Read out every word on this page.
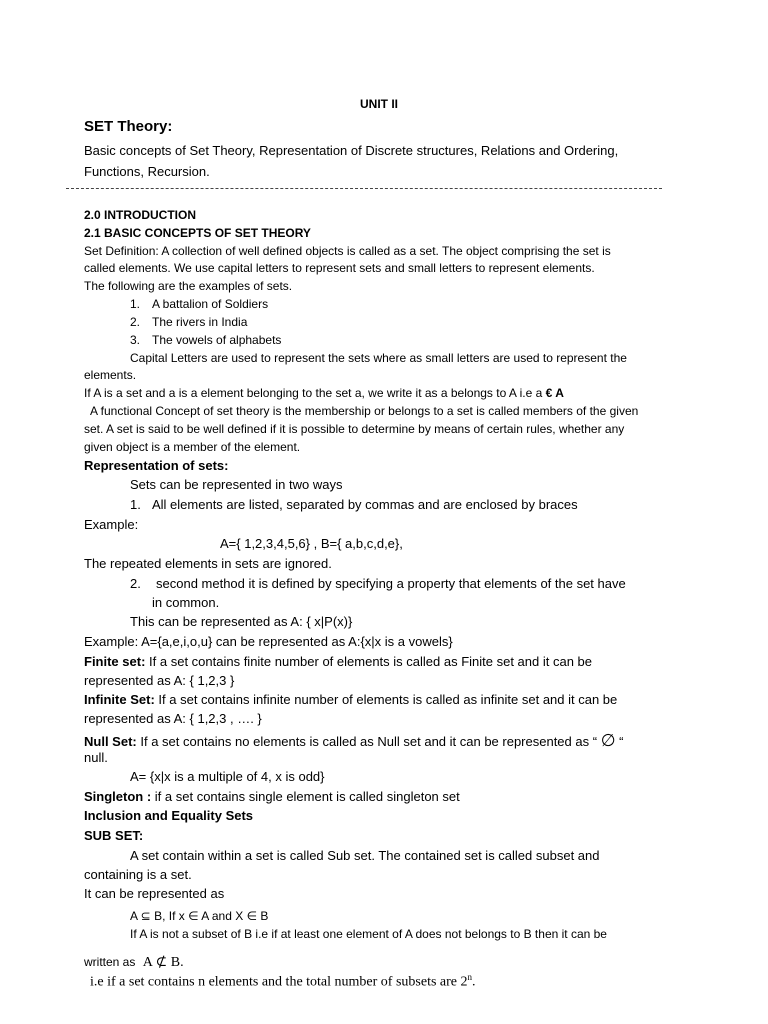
UNIT II
SET Theory:
Basic concepts of Set Theory, Representation of Discrete structures, Relations and Ordering,
Functions, Recursion.
2.0 INTRODUCTION
2.1 BASIC CONCEPTS OF SET THEORY
Set Definition: A collection of well defined objects is called as a set. The object comprising the set is
called elements. We use capital letters to represent sets and small letters to represent elements.
The following are the examples of sets.
1. A battalion of Soldiers
2. The rivers in India
3. The vowels of alphabets
Capital Letters are used to represent the sets where as small letters are used to represent the
elements.
If A is a set and a is a element belonging to the set a, we write it as a belongs to A i.e a € A
A functional Concept of set theory is the membership or belongs to a set is called members of the given
set. A set is said to be well defined if it is possible to determine by means of certain rules, whether any
given object is a member of the element.
Representation of sets:
Sets can be represented in two ways
1. All elements are listed, separated by commas and are enclosed by braces
Example:
A={ 1,2,3,4,5,6} , B={ a,b,c,d,e},
The repeated elements in sets are ignored.
2. second method it is defined by specifying a property that elements of the set have
in common.
This can be represented as A: { x|P(x)}
Example: A={a,e,i,o,u} can be represented as A:{x|x is a vowels}
Finite set: If a set contains finite number of elements is called as Finite set and it can be
represented as A: { 1,2,3 }
Infinite Set: If a set contains infinite number of elements is called as infinite set and it can be
represented as A: { 1,2,3 , …. }
Null Set: If a set contains no elements is called as Null set and it can be represented as “ ∅ “
null.
A= {x|x is a multiple of 4, x is odd}
Singleton : if a set contains single element is called singleton set
Inclusion and Equality Sets
SUB SET:
A set contain within a set is called Sub set. The contained set is called subset and
containing is a set.
It can be represented as
A ⊆ B, If x ∈ A and X ∈ B
If A is not a subset of B i.e if at least one element of A does not belongs to B then it can be
written as A ⊄ B.
i.e if a set contains n elements and the total number of subsets are 2$^n$.
